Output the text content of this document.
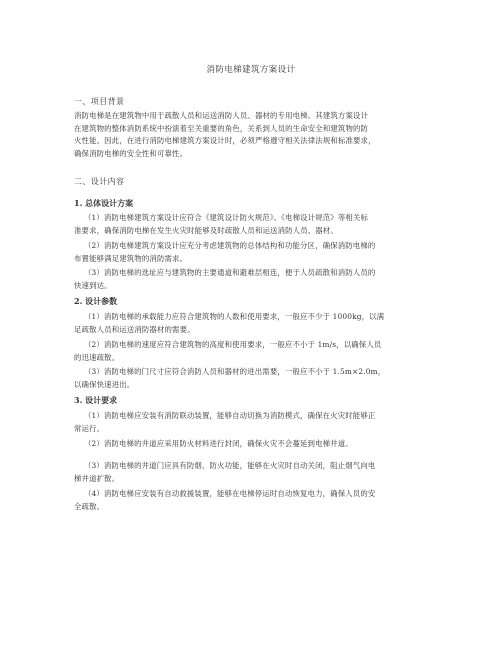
消防电梯建筑方案设计
一、项目背景
消防电梯是在建筑物中用于疏散人员和运送消防人员、器材的专用电梯。其建筑方案设计
在建筑物的整体消防系统中扮演着至关重要的角色，关系到人员的生命安全和建筑物的防
火性能。因此，在进行消防电梯建筑方案设计时，必须严格遵守相关法律法规和标准要求，
确保消防电梯的安全性和可靠性。
二、设计内容
1. 总体设计方案
（1）消防电梯建筑方案设计应符合《建筑设计防火规范》、《电梯设计规范》等相关标
准要求，确保消防电梯在发生火灾时能够及时疏散人员和运送消防人员、器材。
（2）消防电梯建筑方案设计应充分考虑建筑物的总体结构和功能分区，确保消防电梯的
布置能够满足建筑物的消防需求。
（3）消防电梯的选址应与建筑物的主要通道和避难层相连，便于人员疏散和消防人员的
快速到达。
2. 设计参数
（1）消防电梯的承载能力应符合建筑物的人数和使用要求，一般应不少于 1000kg，以满
足疏散人员和运送消防器材的需要。
（2）消防电梯的速度应符合建筑物的高度和使用要求，一般应不小于 1m/s，以确保人员
的迅速疏散。
（3）消防电梯的门尺寸应符合消防人员和器材的进出需要，一般应不小于 1.5m×2.0m，
以确保快速进出。
3. 设计要求
（1）消防电梯应安装有消防联动装置，能够自动切换为消防模式，确保在火灾时能够正
常运行。
（2）消防电梯的井道应采用防火材料进行封闭，确保火灾不会蔓延到电梯井道。
（3）消防电梯的井道门应具有防烟、防火功能，能够在火灾时自动关闭，阻止烟气向电
梯井道扩散。
（4）消防电梯应安装有自动救援装置，能够在电梯停运时自动恢复电力，确保人员的安
全疏散。
